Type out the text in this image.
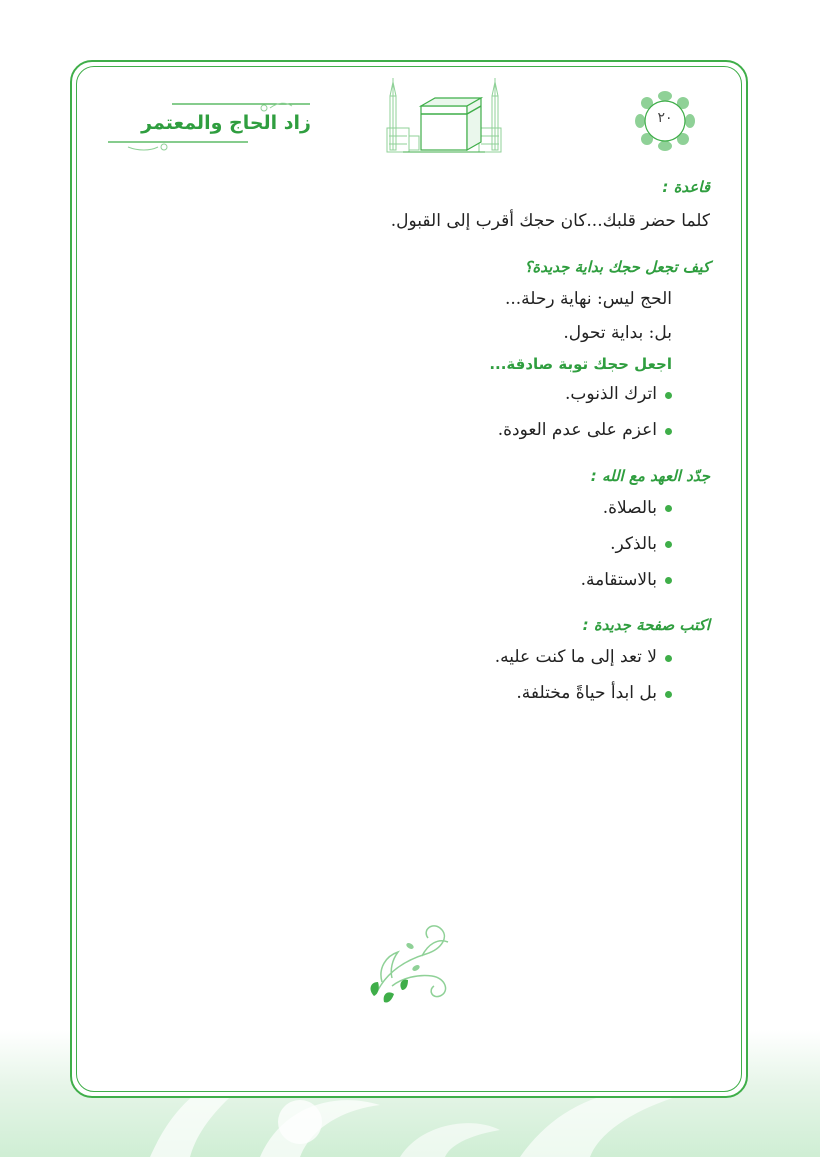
زاد الحاج والمعتمر	٢٠

قاعدة :

كلما حضر قلبك...كان حجك أقرب إلى القبول.

كيف تجعل حجك بداية جديدة؟

الحج ليس: نهاية رحلة...

بل: بداية تحول.

اجعل حجك توبة صادقة...

اترك الذنوب.
اعزم على عدم العودة.

جدّد العهد مع الله :

بالصلاة.
بالذكر.
بالاستقامة.

اكتب صفحة جديدة :

لا تعد إلى ما كنت عليه.
بل ابدأ حياةً مختلفة.
